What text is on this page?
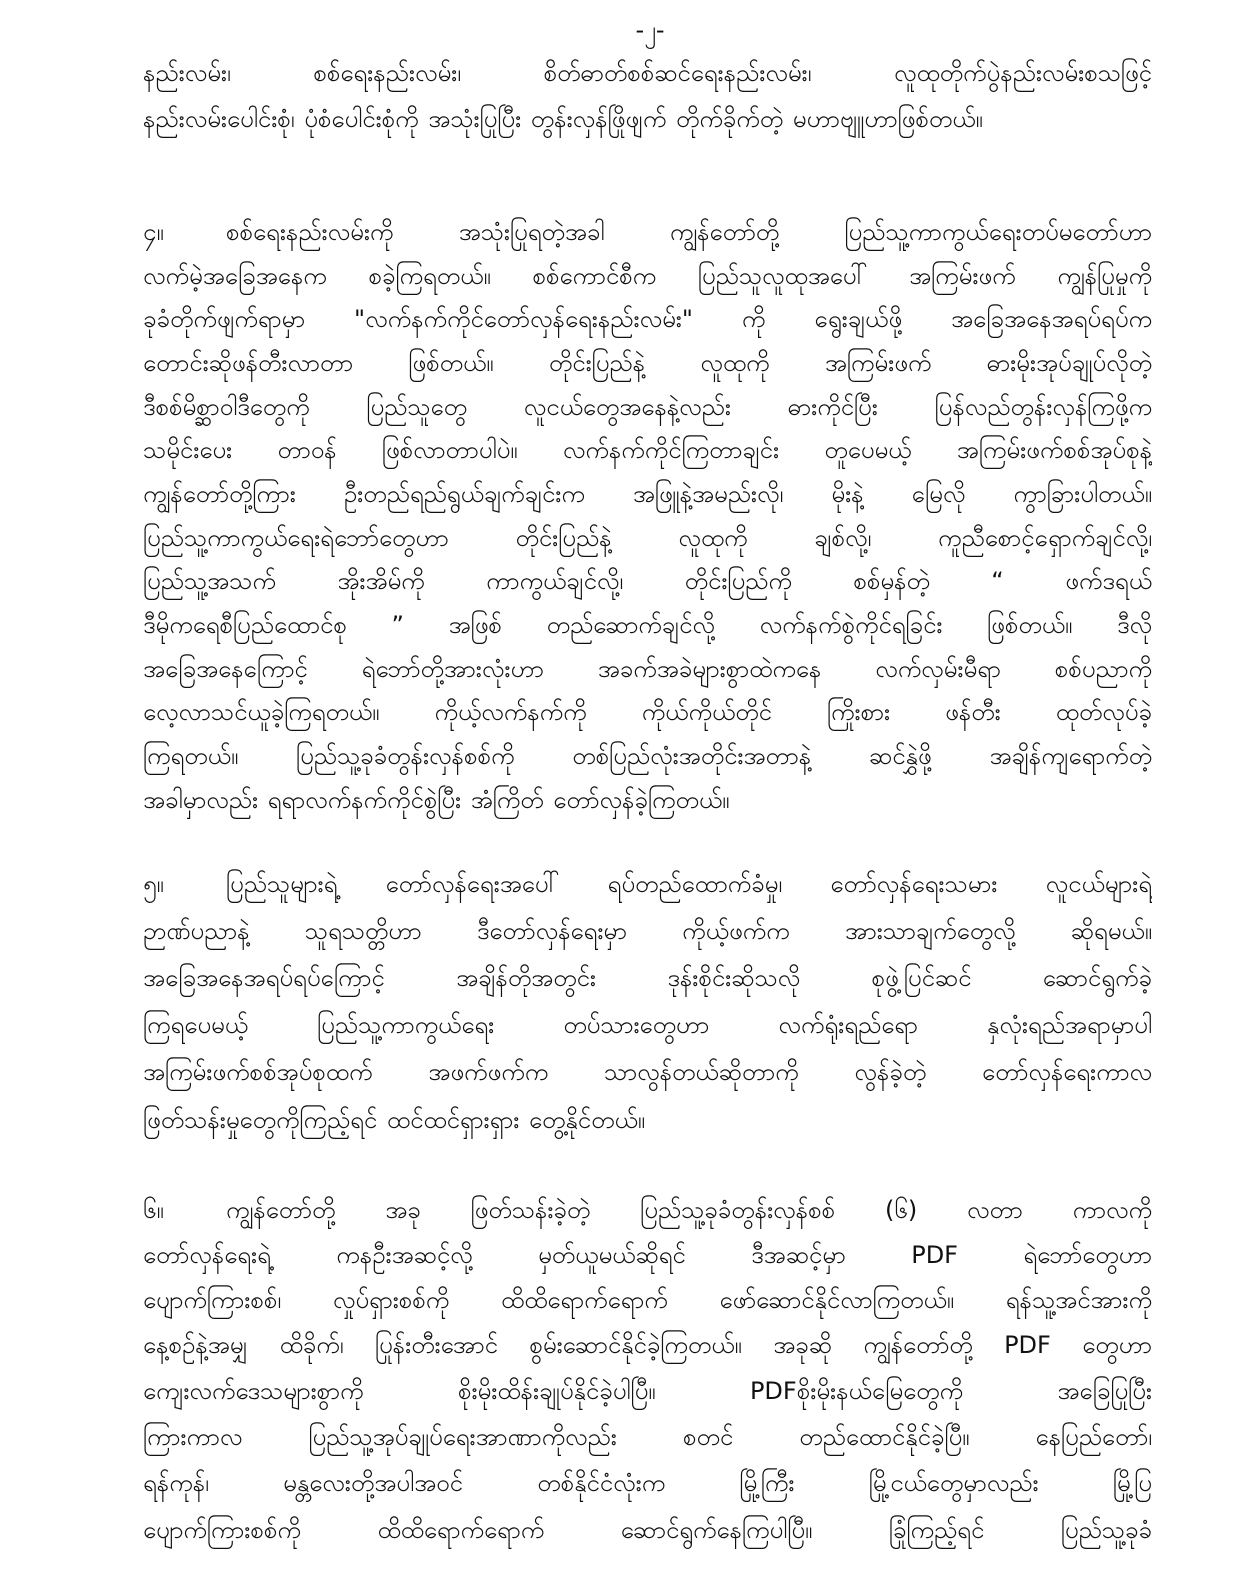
-၂-
နည်းလမ်း၊ စစ်ရေးနည်းလမ်း၊ စိတ်ဓာတ်စစ်ဆင်ရေးနည်းလမ်း၊ လူထုတိုက်ပွဲနည်းလမ်းစသဖြင့်
နည်းလမ်းပေါင်းစုံ၊ ပုံစံပေါင်းစုံကို အသုံးပြုပြီး တွန်းလှန်ဖြိုဖျက် တိုက်ခိုက်တဲ့ မဟာဗျူဟာဖြစ်တယ်။
၄။	စစ်ရေးနည်းလမ်းကို အသုံးပြုရတဲ့အခါ ကျွန်တော်တို့ ပြည်သူ့ကာကွယ်ရေးတပ်မတော်ဟာ
လက်မဲ့အခြေအနေက စခဲ့ကြရတယ်။ စစ်ကောင်စီက ပြည်သူလူထုအပေါ် အကြမ်းဖက် ကျွန်ပြုမှုကို
ခုခံတိုက်ဖျက်ရာမှာ "လက်နက်ကိုင်တော်လှန်ရေးနည်းလမ်း" ကို ရွေးချယ်ဖို့ အခြေအနေအရပ်ရပ်က
တောင်းဆိုဖန်တီးလာတာ ဖြစ်တယ်။ တိုင်းပြည်နဲ့ လူထုကို အကြမ်းဖက် ဓားမိုးအုပ်ချုပ်လိုတဲ့
ဒီစစ်မိစ္ဆာဝါဒီတွေကို ပြည်သူတွေ လူငယ်တွေအနေနဲ့လည်း ဓားကိုင်ပြီး ပြန်လည်တွန်းလှန်ကြဖို့က
သမိုင်းပေး တာဝန် ဖြစ်လာတာပါပဲ။ လက်နက်ကိုင်ကြတာချင်း တူပေမယ့် အကြမ်းဖက်စစ်အုပ်စုနဲ့
ကျွန်တော်တို့ကြား ဦးတည်ရည်ရွယ်ချက်ချင်းက အဖြူနဲ့အမည်းလို၊ မိုးနဲ့ မြေလို ကွာခြားပါတယ်။
ပြည်သူ့ကာကွယ်ရေးရဲဘော်တွေဟာ တိုင်းပြည်နဲ့ လူထုကို ချစ်လို့၊ ကူညီစောင့်ရှောက်ချင်လို့၊
ပြည်သူ့အသက် အိုးအိမ်ကို ကာကွယ်ချင်လို့၊ တိုင်းပြည်ကို စစ်မှန်တဲ့ “ ဖက်ဒရယ်
ဒီမိုကရေစီပြည်ထောင်စု ” အဖြစ် တည်ဆောက်ချင်လို့ လက်နက်စွဲကိုင်ရခြင်း ဖြစ်တယ်။ ဒီလို
အခြေအနေကြောင့် ရဲဘော်တို့အားလုံးဟာ အခက်အခဲများစွာထဲကနေ လက်လှမ်းမီရာ စစ်ပညာကို
လေ့လာသင်ယူခဲ့ကြရတယ်။ ကိုယ့်လက်နက်ကို ကိုယ်ကိုယ်တိုင် ကြိုးစား ဖန်တီး ထုတ်လုပ်ခဲ့
ကြရတယ်။ ပြည်သူ့ခုခံတွန်းလှန်စစ်ကို တစ်ပြည်လုံးအတိုင်းအတာနဲ့ ဆင်နွှဲဖို့ အချိန်ကျရောက်တဲ့
အခါမှာလည်း ရရာလက်နက်ကိုင်စွဲပြီး အံကြိတ် တော်လှန်ခဲ့ကြတယ်။
၅။	ပြည်သူများရဲ့ တော်လှန်ရေးအပေါ် ရပ်တည်ထောက်ခံမှု၊ တော်လှန်ရေးသမား လူငယ်များရဲ့
ဉာဏ်ပညာနဲ့ သူရသတ္တိဟာ ဒီတော်လှန်ရေးမှာ ကိုယ့်ဖက်က အားသာချက်တွေလို့ ဆိုရမယ်။
အခြေအနေအရပ်ရပ်ကြောင့် အချိန်တိုအတွင်း ဒုန်းစိုင်းဆိုသလို စုဖွဲ့ပြင်ဆင် ဆောင်ရွက်ခဲ့
ကြရပေမယ့် ပြည်သူ့ကာကွယ်ရေး တပ်သားတွေဟာ လက်ရုံးရည်ရော နှလုံးရည်အရာမှာပါ
အကြမ်းဖက်စစ်အုပ်စုထက် အဖက်ဖက်က သာလွန်တယ်ဆိုတာကို လွန်ခဲ့တဲ့ တော်လှန်ရေးကာလ
ဖြတ်သန်းမှုတွေကိုကြည့်ရင် ထင်ထင်ရှားရှား တွေ့နိုင်တယ်။
၆။	ကျွန်တော်တို့ အခု ဖြတ်သန်းခဲ့တဲ့ ပြည်သူ့ခုခံတွန်းလှန်စစ် (၆) လတာ ကာလကို
တော်လှန်ရေးရဲ့ ကနဦးအဆင့်လို့ မှတ်ယူမယ်ဆိုရင် ဒီအဆင့်မှာ PDF ရဲဘော်တွေဟာ
ပျောက်ကြားစစ်၊ လှုပ်ရှားစစ်ကို ထိထိရောက်ရောက် ဖော်ဆောင်နိုင်လာကြတယ်။ ရန်သူ့အင်အားကို
နေ့စဉ်နဲ့အမျှ ထိခိုက်၊ ပြုန်းတီးအောင် စွမ်းဆောင်နိုင်ခဲ့ကြတယ်။ အခုဆို ကျွန်တော်တို့ PDF တွေဟာ
ကျေးလက်ဒေသများစွာကို စိုးမိုးထိန်းချုပ်နိုင်ခဲ့ပါပြီ။ PDFစိုးမိုးနယ်မြေတွေကို အခြေပြုပြီး
ကြားကာလ ပြည်သူ့အုပ်ချုပ်ရေးအာဏာကိုလည်း စတင် တည်ထောင်နိုင်ခဲ့ပြီ။ နေပြည်တော်၊
ရန်ကုန်၊ မန္တလေးတို့အပါအဝင် တစ်နိုင်ငံလုံးက မြို့ကြီး မြို့ငယ်တွေမှာလည်း မြို့ပြ
ပျောက်ကြားစစ်ကို ထိထိရောက်ရောက် ဆောင်ရွက်နေကြပါပြီ။ ခြုံကြည့်ရင် ပြည်သူ့ခုခံ
